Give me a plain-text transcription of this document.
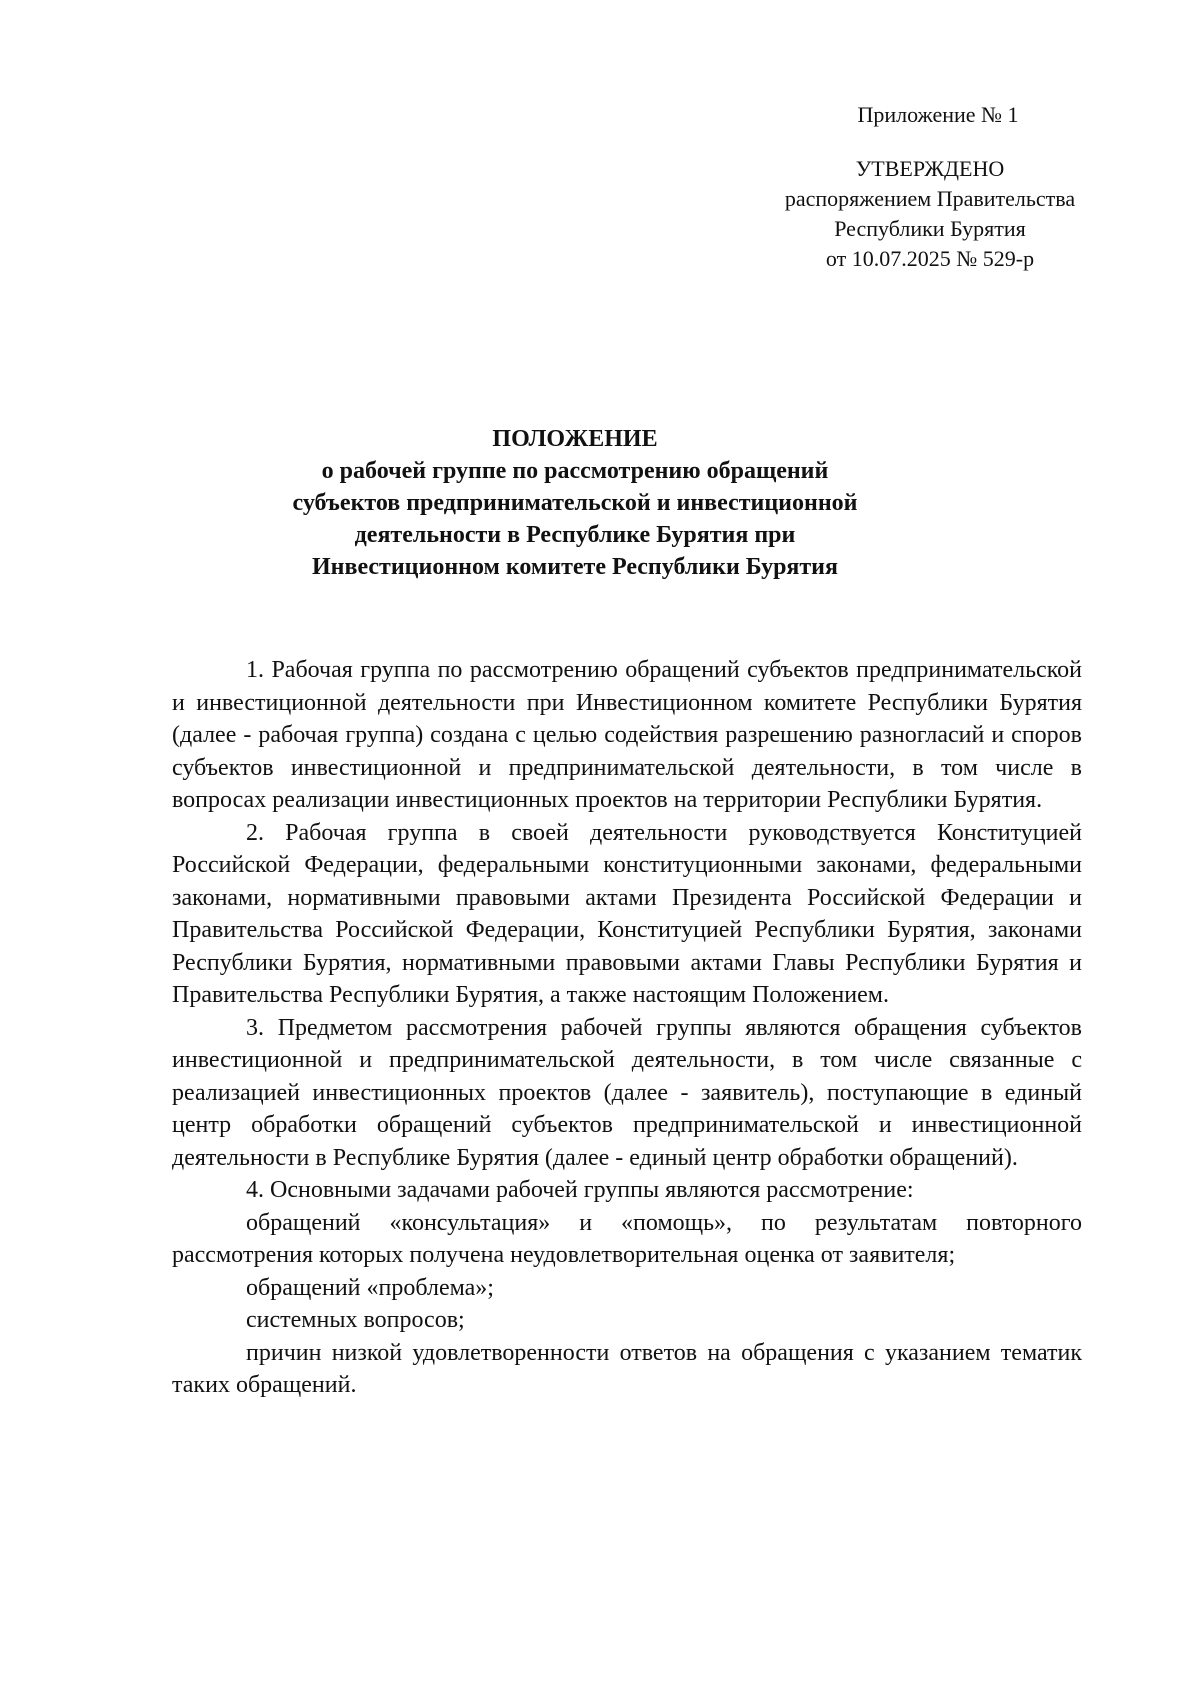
Приложение № 1
УТВЕРЖДЕНО
распоряжением Правительства
Республики Бурятия
от 10.07.2025 № 529-р
ПОЛОЖЕНИЕ
о рабочей группе по рассмотрению обращений
субъектов предпринимательской и инвестиционной
деятельности в Республике Бурятия при
Инвестиционном комитете Республики Бурятия

1. Рабочая группа по рассмотрению обращений субъектов предпринимательской и инвестиционной деятельности при Инвестиционном комитете Республики Бурятия (далее - рабочая группа) создана с целью содействия разрешению разногласий и споров субъектов инвестиционной и предпринимательской деятельности, в том числе в вопросах реализации инвестиционных проектов на территории Республики Бурятия.

2. Рабочая группа в своей деятельности руководствуется Конституцией Российской Федерации, федеральными конституционными законами, федеральными законами, нормативными правовыми актами Президента Российской Федерации и Правительства Российской Федерации, Конституцией Республики Бурятия, законами Республики Бурятия, нормативными правовыми актами Главы Республики Бурятия и Правительства Республики Бурятия, а также настоящим Положением.

3. Предметом рассмотрения рабочей группы являются обращения субъектов инвестиционной и предпринимательской деятельности, в том числе связанные с реализацией инвестиционных проектов (далее - заявитель), поступающие в единый центр обработки обращений субъектов предпринимательской и инвестиционной деятельности в Республике Бурятия (далее - единый центр обработки обращений).

4. Основными задачами рабочей группы являются рассмотрение:

обращений «консультация» и «помощь», по результатам повторного рассмотрения которых получена неудовлетворительная оценка от заявителя;

обращений «проблема»;

системных вопросов;

причин низкой удовлетворенности ответов на обращения с указанием тематик таких обращений.
